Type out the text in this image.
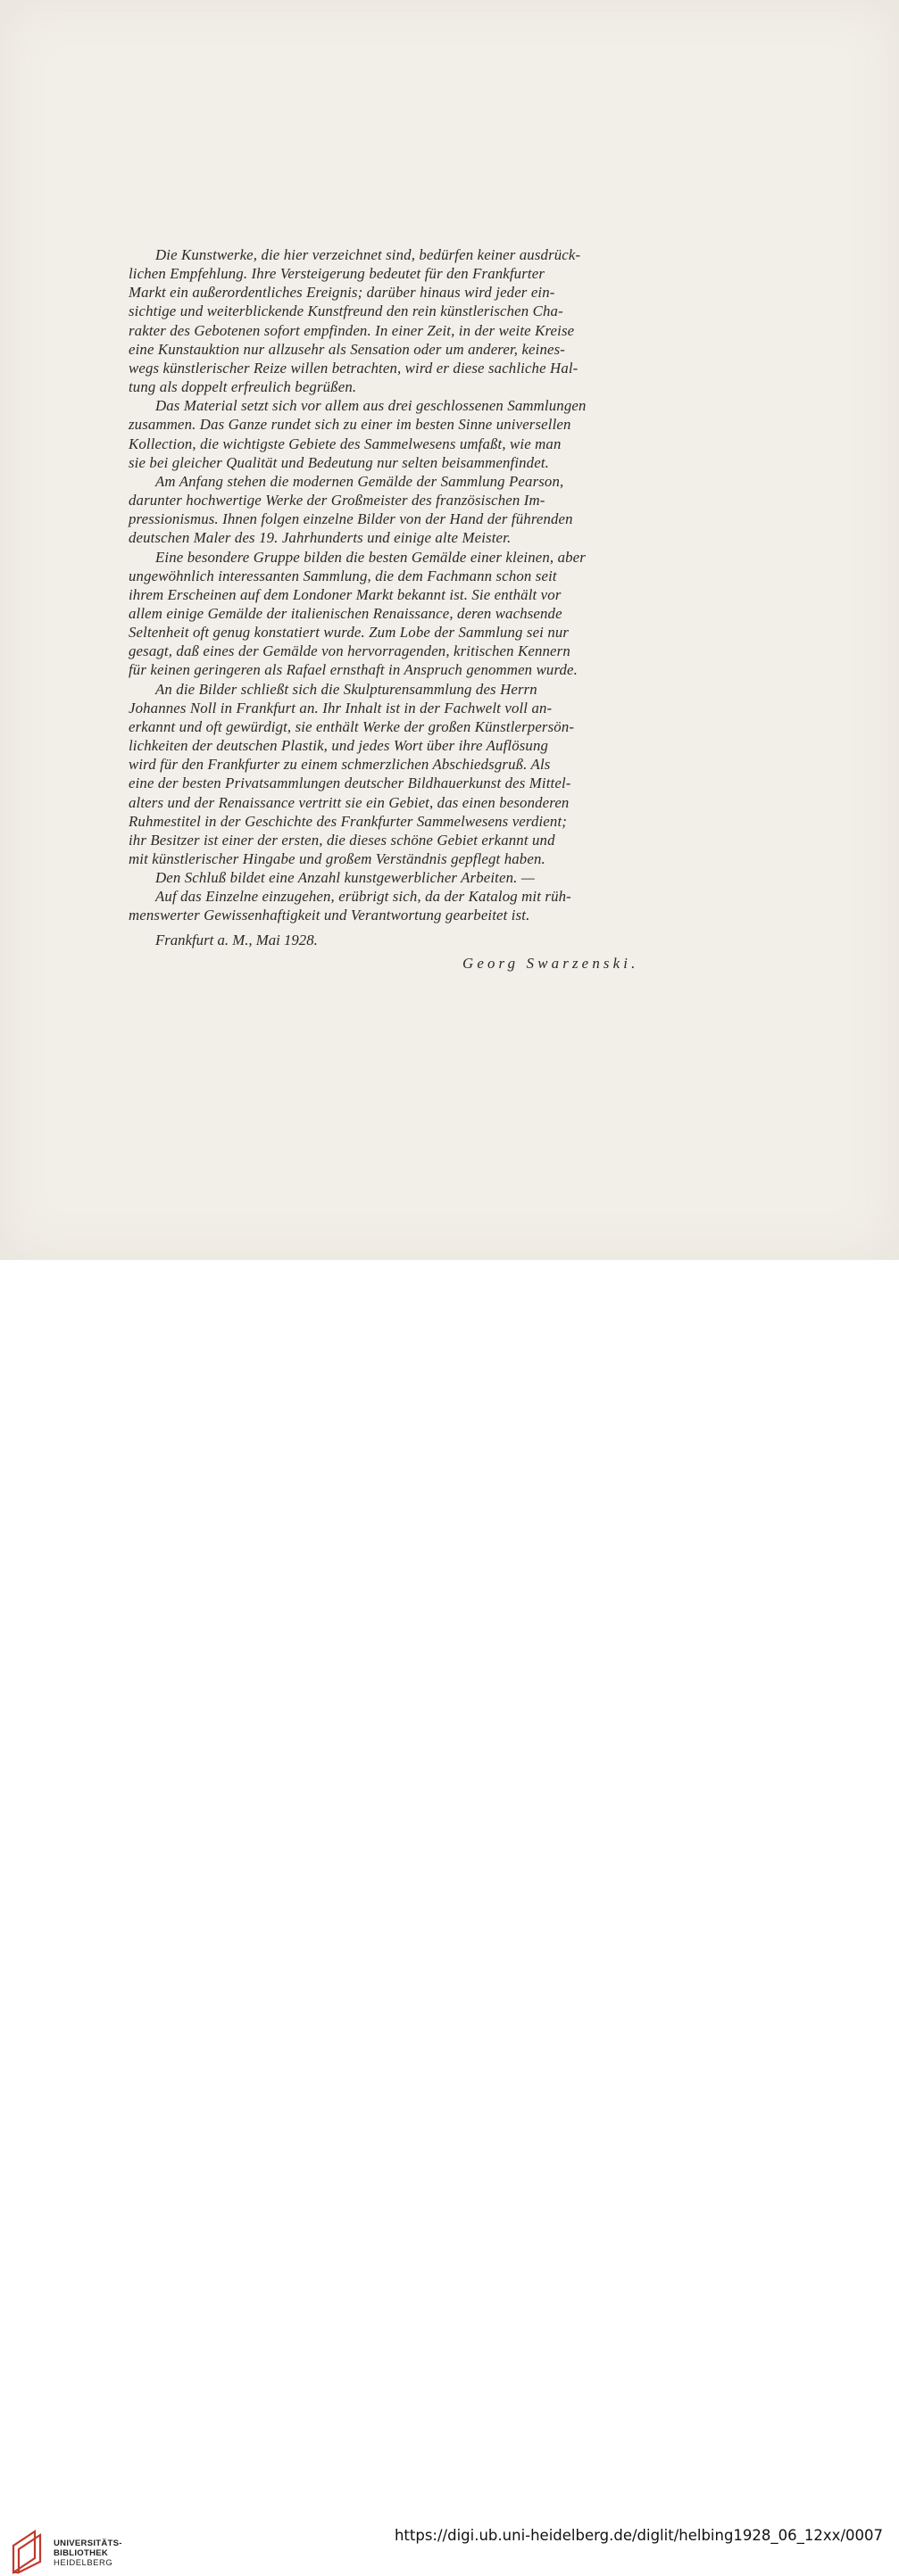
Die Kunstwerke, die hier verzeichnet sind, bedürfen keiner ausdrück-
lichen Empfehlung. Ihre Versteigerung bedeutet für den Frankfurter
Markt ein außerordentliches Ereignis; darüber hinaus wird jeder ein-
sichtige und weiterblickende Kunstfreund den rein künstlerischen Cha-
rakter des Gebotenen sofort empfinden. In einer Zeit, in der weite Kreise
eine Kunstauktion nur allzusehr als Sensation oder um anderer, keines-
wegs künstlerischer Reize willen betrachten, wird er diese sachliche Hal-
tung als doppelt erfreulich begrüßen.

Das Material setzt sich vor allem aus drei geschlossenen Sammlungen
zusammen. Das Ganze rundet sich zu einer im besten Sinne universellen
Kollection, die wichtigste Gebiete des Sammelwesens umfaßt, wie man
sie bei gleicher Qualität und Bedeutung nur selten beisammenfindet.

Am Anfang stehen die modernen Gemälde der Sammlung Pearson,
darunter hochwertige Werke der Großmeister des französischen Im-
pressionismus. Ihnen folgen einzelne Bilder von der Hand der führenden
deutschen Maler des 19. Jahrhunderts und einige alte Meister.

Eine besondere Gruppe bilden die besten Gemälde einer kleinen, aber
ungewöhnlich interessanten Sammlung, die dem Fachmann schon seit
ihrem Erscheinen auf dem Londoner Markt bekannt ist. Sie enthält vor
allem einige Gemälde der italienischen Renaissance, deren wachsende
Seltenheit oft genug konstatiert wurde. Zum Lobe der Sammlung sei nur
gesagt, daß eines der Gemälde von hervorragenden, kritischen Kennern
für keinen geringeren als Rafael ernsthaft in Anspruch genommen wurde.

An die Bilder schließt sich die Skulpturensammlung des Herrn
Johannes Noll in Frankfurt an. Ihr Inhalt ist in der Fachwelt voll an-
erkannt und oft gewürdigt, sie enthält Werke der großen Künstlerpersön-
lichkeiten der deutschen Plastik, und jedes Wort über ihre Auflösung
wird für den Frankfurter zu einem schmerzlichen Abschiedsgruß. Als
eine der besten Privatsammlungen deutscher Bildhauerkunst des Mittel-
alters und der Renaissance vertritt sie ein Gebiet, das einen besonderen
Ruhmestitel in der Geschichte des Frankfurter Sammelwesens verdient;
ihr Besitzer ist einer der ersten, die dieses schöne Gebiet erkannt und
mit künstlerischer Hingabe und großem Verständnis gepflegt haben.

Den Schluß bildet eine Anzahl kunstgewerblicher Arbeiten. —

Auf das Einzelne einzugehen, erübrigt sich, da der Katalog mit rüh-
menswerter Gewissenhaftigkeit und Verantwortung gearbeitet ist.

Frankfurt a. M., Mai 1928.
Georg Swarzenski.
UNIVERSITÄTS-
BIBLIOTHEK
HEIDELBERG
https://digi.ub.uni-heidelberg.de/diglit/helbing1928_06_12xx/0007
